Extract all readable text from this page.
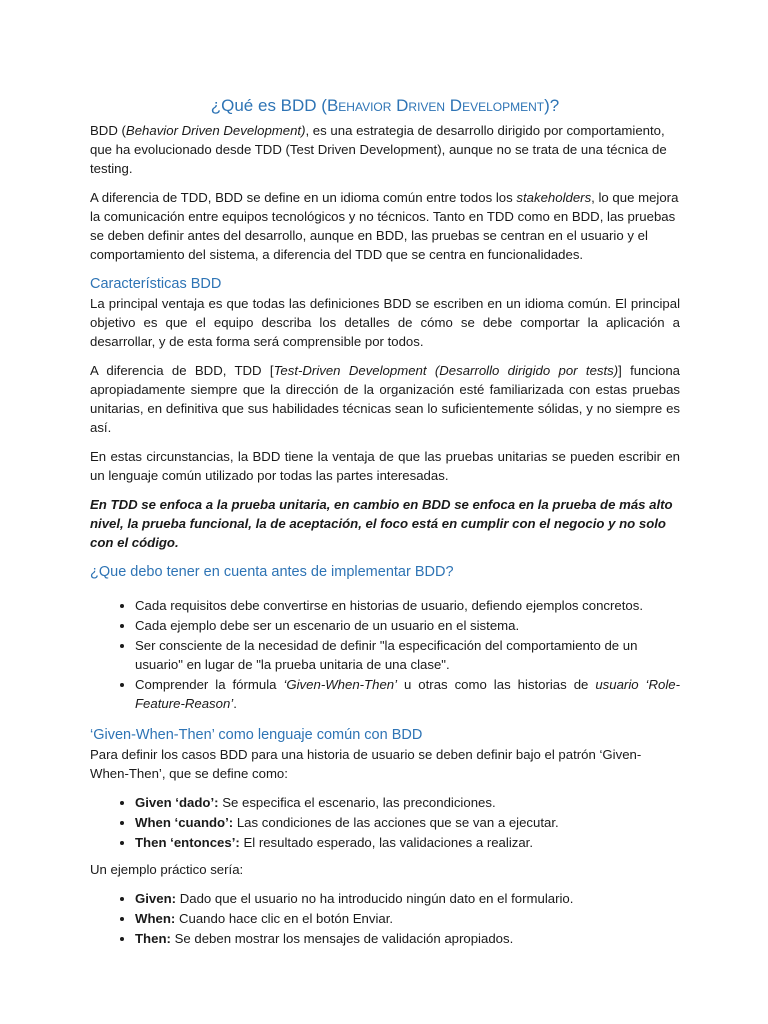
¿Qué es BDD (Behavior Driven Development)?

BDD (Behavior Driven Development), es una estrategia de desarrollo dirigido por comportamiento, que ha evolucionado desde TDD (Test Driven Development), aunque no se trata de una técnica de testing.

A diferencia de TDD, BDD se define en un idioma común entre todos los stakeholders, lo que mejora la comunicación entre equipos tecnológicos y no técnicos. Tanto en TDD como en BDD, las pruebas se deben definir antes del desarrollo, aunque en BDD, las pruebas se centran en el usuario y el comportamiento del sistema, a diferencia del TDD que se centra en funcionalidades.

Características BDD

La principal ventaja es que todas las definiciones BDD se escriben en un idioma común. El principal objetivo es que el equipo describa los detalles de cómo se debe comportar la aplicación a desarrollar, y de esta forma será comprensible por todos.

A diferencia de BDD, TDD [Test-Driven Development (Desarrollo dirigido por tests)] funciona apropiadamente siempre que la dirección de la organización esté familiarizada con estas pruebas unitarias, en definitiva que sus habilidades técnicas sean lo suficientemente sólidas, y no siempre es así.

En estas circunstancias, la BDD tiene la ventaja de que las pruebas unitarias se pueden escribir en un lenguaje común utilizado por todas las partes interesadas.

En TDD se enfoca a la prueba unitaria, en cambio en BDD se enfoca en la prueba de más alto nivel, la prueba funcional, la de aceptación, el foco está en cumplir con el negocio y no solo con el código.

¿Que debo tener en cuenta antes de implementar BDD?
• Cada requisitos debe convertirse en historias de usuario, defiendo ejemplos concretos.
• Cada ejemplo debe ser un escenario de un usuario en el sistema.
• Ser consciente de la necesidad de definir "la especificación del comportamiento de un usuario" en lugar de "la prueba unitaria de una clase".
• Comprender la fórmula ‘Given-When-Then’ u otras como las historias de usuario ‘Role-Feature-Reason’.
‘Given-When-Then’ como lenguaje común con BDD

Para definir los casos BDD para una historia de usuario se deben definir bajo el patrón ‘Given-When-Then’, que se define como:

• Given ‘dado’: Se especifica el escenario, las precondiciones.
• When ‘cuando’: Las condiciones de las acciones que se van a ejecutar.
• Then ‘entonces’: El resultado esperado, las validaciones a realizar.

Un ejemplo práctico sería:

• Given: Dado que el usuario no ha introducido ningún dato en el formulario.
• When: Cuando hace clic en el botón Enviar.
• Then: Se deben mostrar los mensajes de validación apropiados.
